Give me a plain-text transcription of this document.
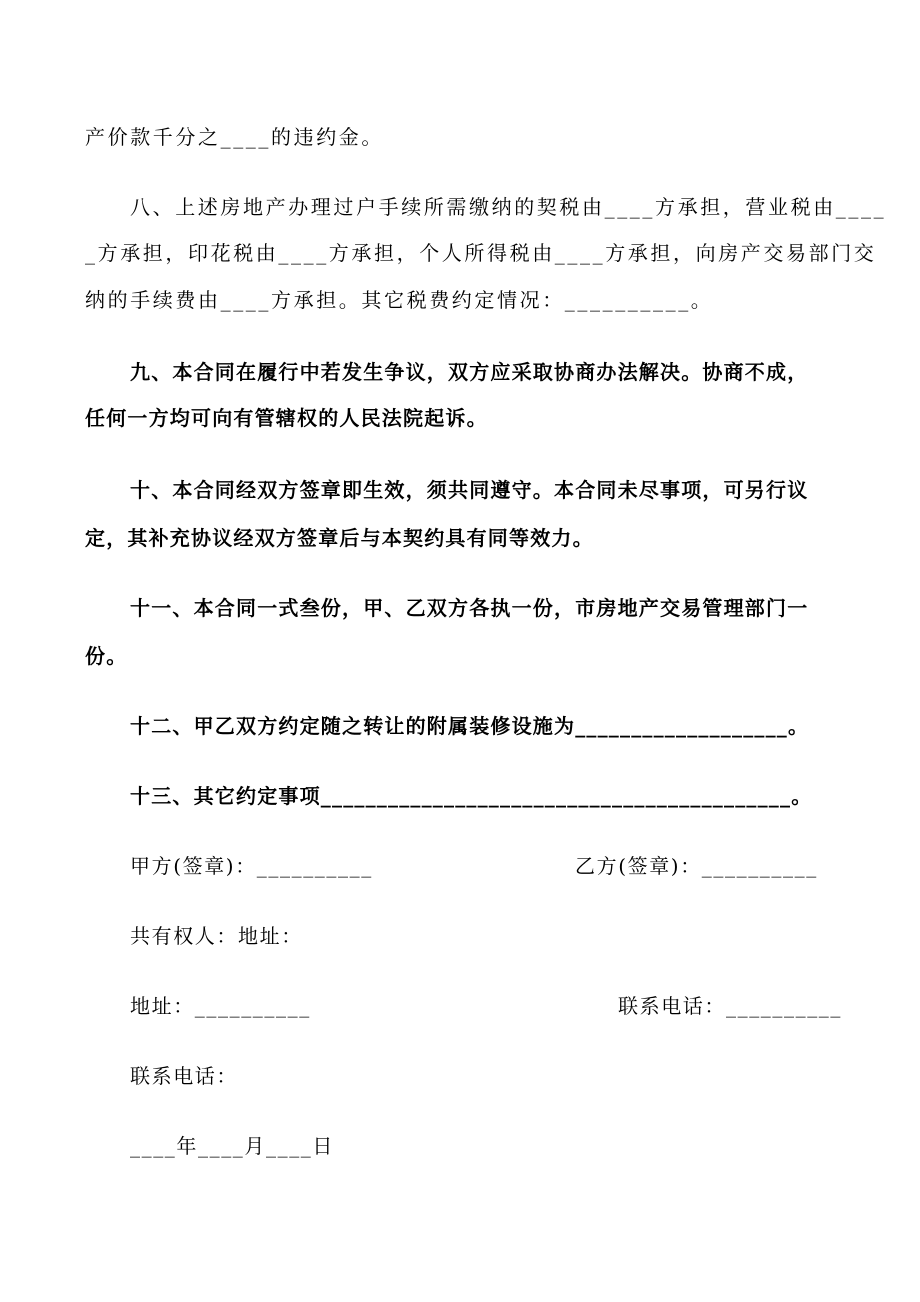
产价款千分之____的违约金。
八、上述房地产办理过户手续所需缴纳的契税由____方承担，营业税由____
_方承担，印花税由____方承担，个人所得税由____方承担，向房产交易部门交
纳的手续费由____方承担。其它税费约定情况：__________。
九、本合同在履行中若发生争议，双方应采取协商办法解决。协商不成，
任何一方均可向有管辖权的人民法院起诉。
十、本合同经双方签章即生效，须共同遵守。本合同未尽事项，可另行议
定，其补充协议经双方签章后与本契约具有同等效力。
十一、本合同一式叁份，甲、乙双方各执一份，市房地产交易管理部门一
份。
十二、甲乙双方约定随之转让的附属装修设施为___________________。
十三、其它约定事项__________________________________________。
甲方(签章)：__________	乙方(签章)：__________
共有权人：地址：
地址：__________	联系电话：__________
联系电话：
____年____月____日
